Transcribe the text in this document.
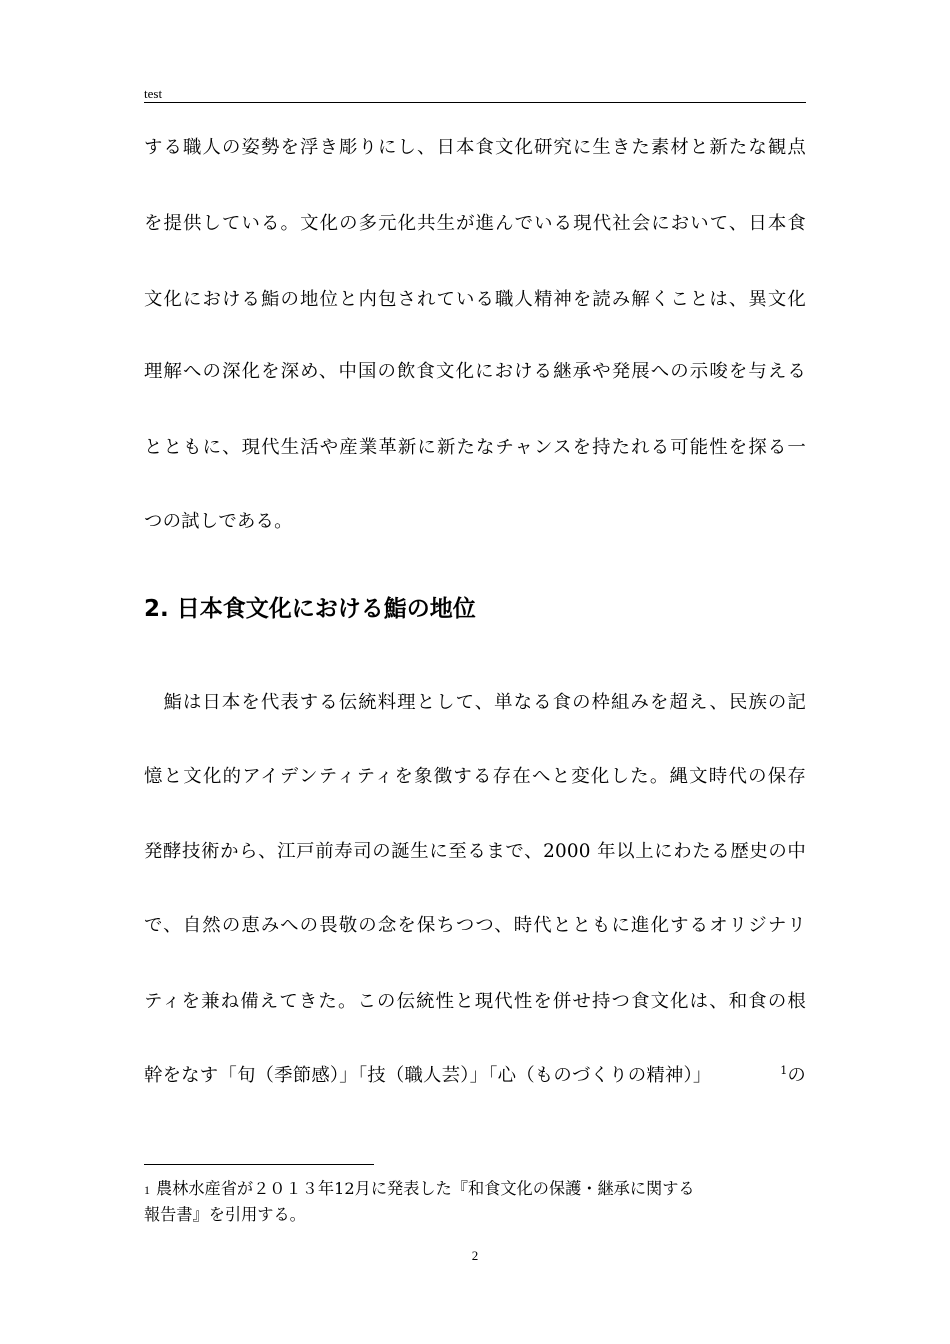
test
する職人の姿勢を浮き彫りにし、日本食文化研究に生きた素材と新たな観点
を提供している。文化の多元化共生が進んでいる現代社会において、日本食
文化における鮨の地位と内包されている職人精神を読み解くことは、異文化
理解への深化を深め、中国の飲食文化における継承や発展への示唆を与える
とともに、現代生活や産業革新に新たなチャンスを持たれる可能性を探る一
つの試しである。
2. 日本食文化における鮨の地位
　鮨は日本を代表する伝統料理として、単なる食の枠組みを超え、民族の記
憶と文化的アイデンティティを象徴する存在へと変化した。縄文時代の保存
発酵技術から、江戸前寿司の誕生に至るまで、2000 年以上にわたる歴史の中
で、自然の恵みへの畏敬の念を保ちつつ、時代とともに進化するオリジナリ
ティを兼ね備えてきた。この伝統性と現代性を併せ持つ食文化は、和食の根
幹をなす「旬（季節感）」「技（職人芸）」「心（ものづくりの精神）」	$^1$の
1 農林水産省が２０１３年12月に発表した『和食文化の保護・継承に関する
報告書』を引用する。
2
